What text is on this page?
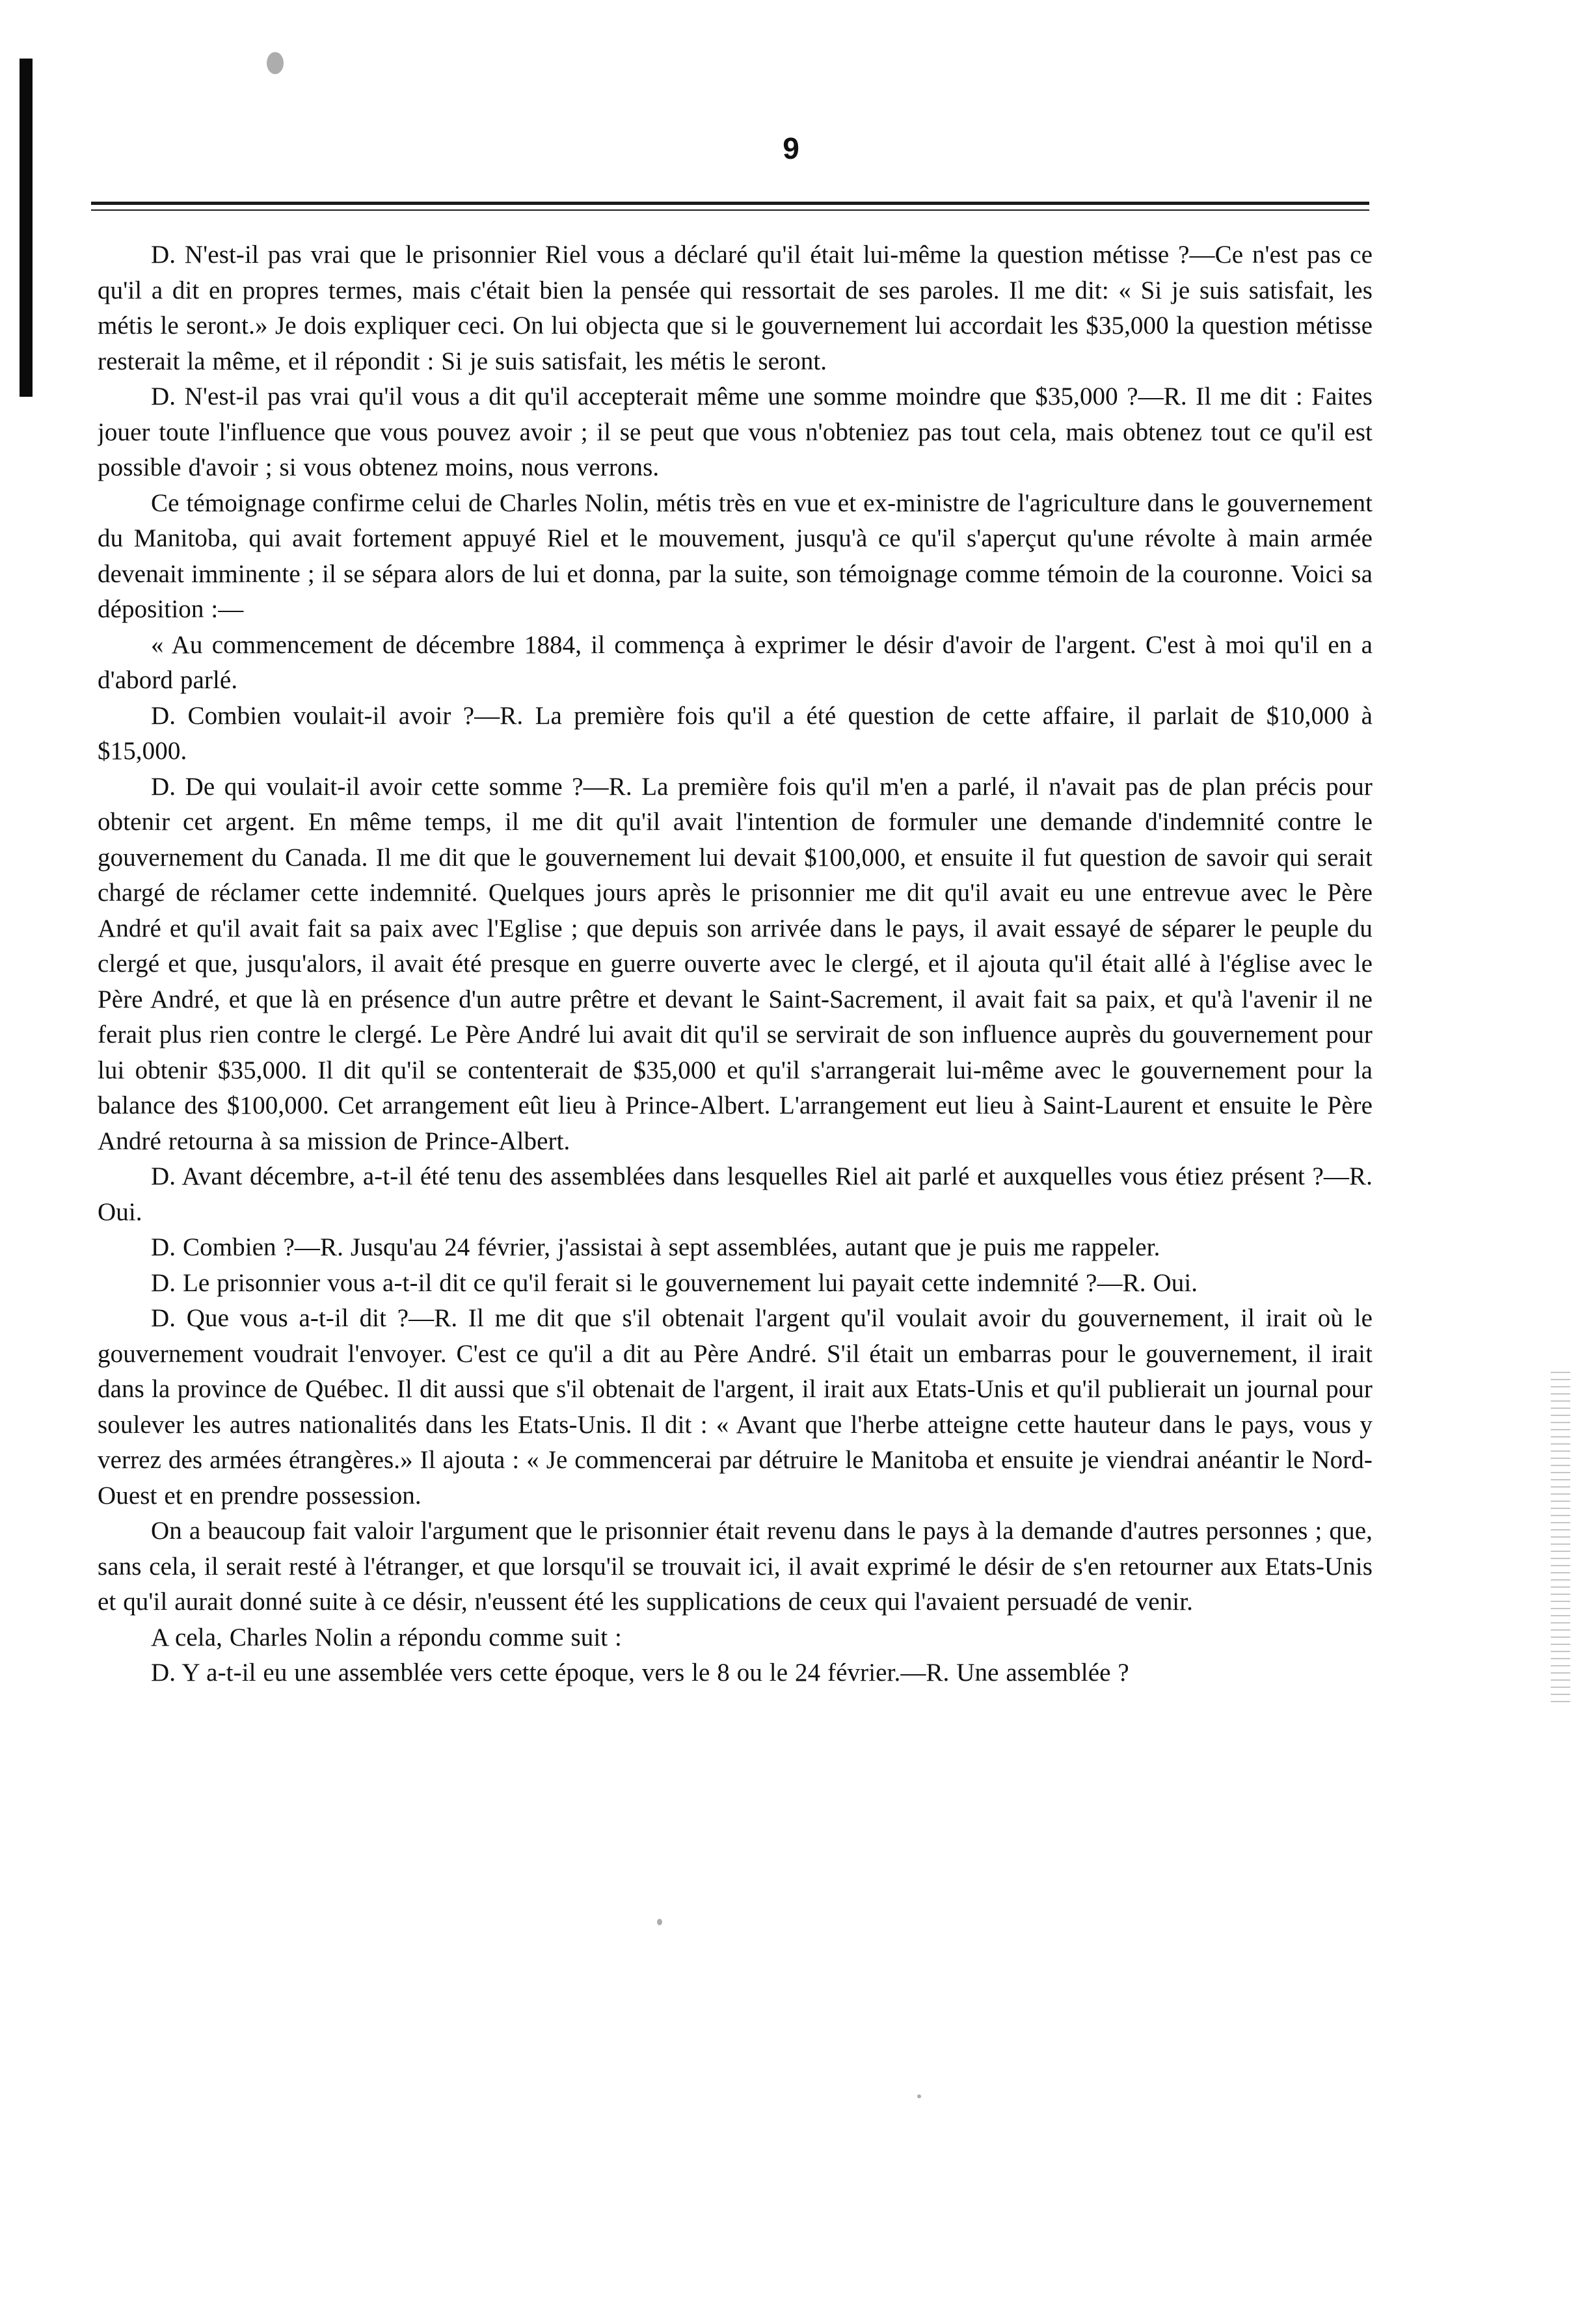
9

D. N'est-il pas vrai que le prisonnier Riel vous a déclaré qu'il était lui-même la question métisse ?—Ce n'est pas ce qu'il a dit en propres termes, mais c'était bien la pensée qui ressortait de ses paroles. Il me dit: « Si je suis satisfait, les métis le seront.» Je dois expliquer ceci. On lui objecta que si le gouvernement lui accordait les $35,000 la question métisse resterait la même, et il répondit : Si je suis satisfait, les métis le seront.

D. N'est-il pas vrai qu'il vous a dit qu'il accepterait même une somme moindre que $35,000 ?—R. Il me dit : Faites jouer toute l'influence que vous pouvez avoir ; il se peut que vous n'obteniez pas tout cela, mais obtenez tout ce qu'il est possible d'avoir ; si vous obtenez moins, nous verrons.

Ce témoignage confirme celui de Charles Nolin, métis très en vue et ex-ministre de l'agriculture dans le gouvernement du Manitoba, qui avait fortement appuyé Riel et le mouvement, jusqu'à ce qu'il s'aperçut qu'une révolte à main armée devenait imminente ; il se sépara alors de lui et donna, par la suite, son témoignage comme témoin de la couronne. Voici sa déposition :—

« Au commencement de décembre 1884, il commença à exprimer le désir d'avoir de l'argent. C'est à moi qu'il en a d'abord parlé.

D. Combien voulait-il avoir ?—R. La première fois qu'il a été question de cette affaire, il parlait de $10,000 à $15,000.

D. De qui voulait-il avoir cette somme ?—R. La première fois qu'il m'en a parlé, il n'avait pas de plan précis pour obtenir cet argent. En même temps, il me dit qu'il avait l'intention de formuler une demande d'indemnité contre le gouvernement du Canada. Il me dit que le gouvernement lui devait $100,000, et ensuite il fut question de savoir qui serait chargé de réclamer cette indemnité. Quelques jours après le prisonnier me dit qu'il avait eu une entrevue avec le Père André et qu'il avait fait sa paix avec l'Eglise ; que depuis son arrivée dans le pays, il avait essayé de séparer le peuple du clergé et que, jusqu'alors, il avait été presque en guerre ouverte avec le clergé, et il ajouta qu'il était allé à l'église avec le Père André, et que là en présence d'un autre prêtre et devant le Saint-Sacrement, il avait fait sa paix, et qu'à l'avenir il ne ferait plus rien contre le clergé. Le Père André lui avait dit qu'il se servirait de son influence auprès du gouvernement pour lui obtenir $35,000. Il dit qu'il se contenterait de $35,000 et qu'il s'arrangerait lui-même avec le gouvernement pour la balance des $100,000. Cet arrangement eût lieu à Prince-Albert. L'arrangement eut lieu à Saint-Laurent et ensuite le Père André retourna à sa mission de Prince-Albert.

D. Avant décembre, a-t-il été tenu des assemblées dans lesquelles Riel ait parlé et auxquelles vous étiez présent ?—R. Oui.

D. Combien ?—R. Jusqu'au 24 février, j'assistai à sept assemblées, autant que je puis me rappeler.

D. Le prisonnier vous a-t-il dit ce qu'il ferait si le gouvernement lui payait cette indemnité ?—R. Oui.

D. Que vous a-t-il dit ?—R. Il me dit que s'il obtenait l'argent qu'il voulait avoir du gouvernement, il irait où le gouvernement voudrait l'envoyer. C'est ce qu'il a dit au Père André. S'il était un embarras pour le gouvernement, il irait dans la province de Québec. Il dit aussi que s'il obtenait de l'argent, il irait aux Etats-Unis et qu'il publierait un journal pour soulever les autres nationalités dans les Etats-Unis. Il dit : « Avant que l'herbe atteigne cette hauteur dans le pays, vous y verrez des armées étrangères.» Il ajouta : « Je commencerai par détruire le Manitoba et ensuite je viendrai anéantir le Nord-Ouest et en prendre possession.

On a beaucoup fait valoir l'argument que le prisonnier était revenu dans le pays à la demande d'autres personnes ; que, sans cela, il serait resté à l'étranger, et que lorsqu'il se trouvait ici, il avait exprimé le désir de s'en retourner aux Etats-Unis et qu'il aurait donné suite à ce désir, n'eussent été les supplications de ceux qui l'avaient persuadé de venir.

A cela, Charles Nolin a répondu comme suit :

D. Y a-t-il eu une assemblée vers cette époque, vers le 8 ou le 24 février.—R. Une assemblée ?
